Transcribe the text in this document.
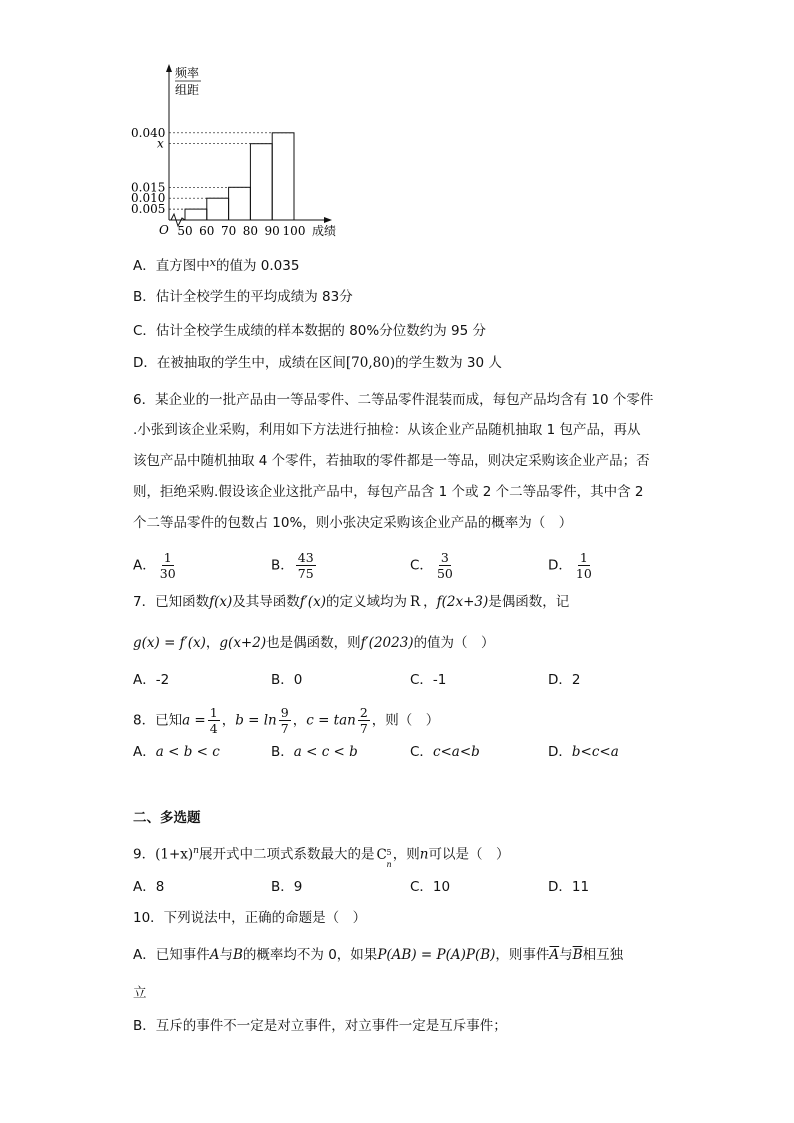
频率
组距
O	成绩
0.040
x
0.015
0.010
0.005
50 60 70 80 90 100
A．直方图中$^x$的值为 0.035
B．估计全校学生的平均成绩为 83分
C．估计全校学生成绩的样本数据的 80%分位数约为 95 分
D．在被抽取的学生中，成绩在区间[70,80)的学生数为 30 人
6．某企业的一批产品由一等品零件、二等品零件混装而成，每包产品均含有 10 个零件
.小张到该企业采购，利用如下方法进行抽检：从该企业产品随机抽取 1 包产品，再从
该包产品中随机抽取 4 个零件，若抽取的零件都是一等品，则决定采购该企业产品；否
则，拒绝采购.假设该企业这批产品中，每包产品含 1 个或 2 个二等品零件，其中含 2
个二等品零件的包数占 10%，则小张决定采购该企业产品的概率为（　）
A． $\frac{1}{30}$	B． $\frac{43}{75}$	C． $\frac{3}{50}$	D． $\frac{1}{10}$
7．已知函数f(x)及其导函数f′(x)的定义域均为 R ，f(2x+3)是偶函数，记
g(x) = f′(x)，g(x+2)也是偶函数，则f′(2023)的值为（　）
A．-2	B．0	C．-1	D．2
8．已知$a = \frac{1}{4}$ ，$b = \ln \frac{9}{7}$ ，$c = \tan \frac{2}{7}$ ，则（　）
A．a < b < c	B．a < c < b	C．c<a<b	D．b<c<a
二、多选题
9．$(1+x)^n$展开式中二项式系数最大的是 C 5
n
，则n可以是（　）
A．8	B．9	C．10	D．11
10．下列说法中，正确的命题是（　）
A．已知事件A与B的概率均不为 0，如果P(AB) = P(A)P(B)，则事件$\overline{A}$与$\overline{B}$相互独
立
B．互斥的事件不一定是对立事件，对立事件一定是互斥事件；
